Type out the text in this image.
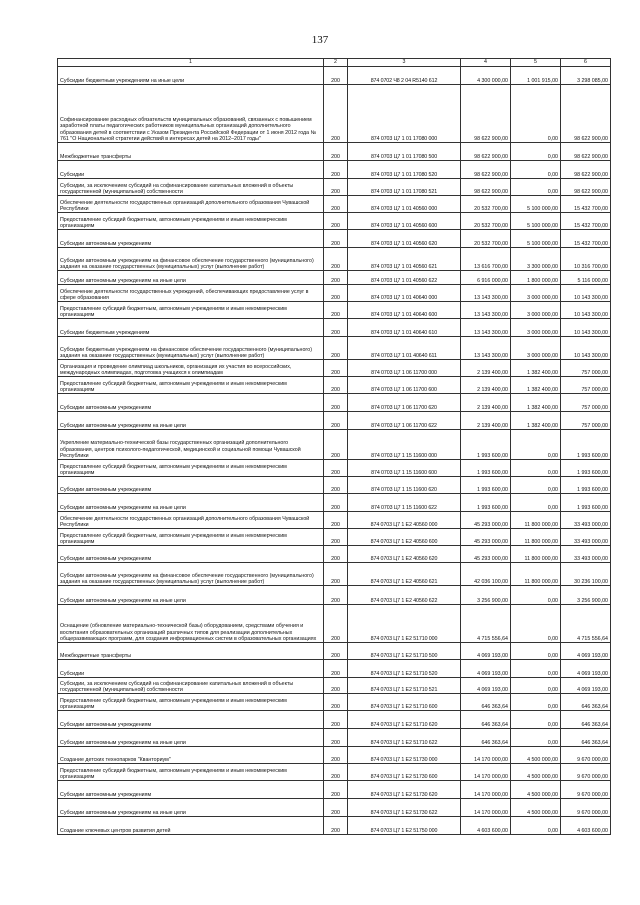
137
1	2	3	4	5	6
Субсидии бюджетным учреждениям на иные цели	200	874 0702 Ч8 2 04 R5140 612	4 300 000,00	1 001 915,00	3 298 085,00
Софинансирование расходных обязательств муниципальных образований, связанных с повышением заработной платы педагогических работников муниципальных организаций дополнительного образования детей в соответствии с Указом Президента Российской Федерации от 1 июня 2012 года № 761 "О Национальной стратегии действий в интересах детей на 2012–2017 годы"	200	874 0703 Ц7 1 01 17080 000	98 622 900,00	0,00	98 622 900,00
Межбюджетные трансферты	200	874 0703 Ц7 1 01 17080 500	98 622 900,00	0,00	98 622 900,00
Субсидии	200	874 0703 Ц7 1 01 17080 520	98 622 900,00	0,00	98 622 900,00
Субсидии, за исключением субсидий на софинансирование капитальных вложений в объекты государственной (муниципальной) собственности	200	874 0703 Ц7 1 01 17080 521	98 622 900,00	0,00	98 622 900,00
Обеспечение деятельности государственных организаций дополнительного образования Чувашской Республики	200	874 0703 Ц7 1 01 40560 000	20 532 700,00	5 100 000,00	15 432 700,00
Предоставление субсидий бюджетным, автономным учреждениям и иным некоммерческим организациям	200	874 0703 Ц7 1 01 40560 600	20 532 700,00	5 100 000,00	15 432 700,00
Субсидии автономным учреждениям	200	874 0703 Ц7 1 01 40560 620	20 532 700,00	5 100 000,00	15 432 700,00
Субсидии автономным учреждениям на финансовое обеспечение государственного (муниципального) задания на оказание государственных (муниципальных) услуг (выполнение работ)	200	874 0703 Ц7 1 01 40560 621	13 616 700,00	3 300 000,00	10 316 700,00
Субсидии автономным учреждениям на иные цели	200	874 0703 Ц7 1 01 40560 622	6 916 000,00	1 800 000,00	5 116 000,00
Обеспечение деятельности государственных учреждений, обеспечивающих предоставление услуг в сфере образования	200	874 0703 Ц7 1 01 40640 000	13 143 300,00	3 000 000,00	10 143 300,00
Предоставление субсидий бюджетным, автономным учреждениям и иным некоммерческим организациям	200	874 0703 Ц7 1 01 40640 600	13 143 300,00	3 000 000,00	10 143 300,00
Субсидии бюджетным учреждениям	200	874 0703 Ц7 1 01 40640 610	13 143 300,00	3 000 000,00	10 143 300,00
Субсидии бюджетным учреждениям на финансовое обеспечение государственного (муниципального) задания на оказание государственных (муниципальных) услуг (выполнение работ)	200	874 0703 Ц7 1 01 40640 611	13 143 300,00	3 000 000,00	10 143 300,00
Организация и проведение олимпиад школьников, организация их участия во всероссийских, международных олимпиадах, подготовка учащихся к олимпиадам	200	874 0703 Ц7 1 06 11700 000	2 139 400,00	1 382 400,00	757 000,00
Предоставление субсидий бюджетным, автономным учреждениям и иным некоммерческим организациям	200	874 0703 Ц7 1 06 11700 600	2 139 400,00	1 382 400,00	757 000,00
Субсидии автономным учреждениям	200	874 0703 Ц7 1 06 11700 620	2 139 400,00	1 382 400,00	757 000,00
Субсидии автономным учреждениям на иные цели	200	874 0703 Ц7 1 06 11700 622	2 139 400,00	1 382 400,00	757 000,00
Укрепление материально-технической базы государственных организаций дополнительного образования, центров психолого-педагогической, медицинской и социальной помощи Чувашской Республики	200	874 0703 Ц7 1 15 11600 000	1 993 600,00	0,00	1 993 600,00
Предоставление субсидий бюджетным, автономным учреждениям и иным некоммерческим организациям	200	874 0703 Ц7 1 15 11600 600	1 993 600,00	0,00	1 993 600,00
Субсидии автономным учреждениям	200	874 0703 Ц7 1 15 11600 620	1 993 600,00	0,00	1 993 600,00
Субсидии автономным учреждениям на иные цели	200	874 0703 Ц7 1 15 11600 622	1 993 600,00	0,00	1 993 600,00
Обеспечение деятельности государственных организаций дополнительного образования Чувашской Республики	200	874 0703 Ц7 1 E2 40560 000	45 293 000,00	11 800 000,00	33 493 000,00
Предоставление субсидий бюджетным, автономным учреждениям и иным некоммерческим организациям	200	874 0703 Ц7 1 E2 40560 600	45 293 000,00	11 800 000,00	33 493 000,00
Субсидии автономным учреждениям	200	874 0703 Ц7 1 E2 40560 620	45 293 000,00	11 800 000,00	33 493 000,00
Субсидии автономным учреждениям на финансовое обеспечение государственного (муниципального) задания на оказание государственных (муниципальных) услуг (выполнение работ)	200	874 0703 Ц7 1 E2 40560 621	42 036 100,00	11 800 000,00	30 236 100,00
Субсидии автономным учреждениям на иные цели	200	874 0703 Ц7 1 E2 40560 622	3 256 900,00	0,00	3 256 900,00
Оснащение (обновление материально-технической базы) оборудованием, средствами обучения и воспитания образовательных организаций различных типов для реализации дополнительных общеразвивающих программ, для создания информационных систем в образовательных организациях	200	874 0703 Ц7 1 E2 51710 000	4 715 556,64	0,00	4 715 556,64
Межбюджетные трансферты	200	874 0703 Ц7 1 E2 51710 500	4 069 193,00	0,00	4 069 193,00
Субсидии	200	874 0703 Ц7 1 E2 51710 520	4 069 193,00	0,00	4 069 193,00
Субсидии, за исключением субсидий на софинансирование капитальных вложений в объекты государственной (муниципальной) собственности	200	874 0703 Ц7 1 E2 51710 521	4 069 193,00	0,00	4 069 193,00
Предоставление субсидий бюджетным, автономным учреждениям и иным некоммерческим организациям	200	874 0703 Ц7 1 E2 51710 600	646 363,64	0,00	646 363,64
Субсидии автономным учреждениям	200	874 0703 Ц7 1 E2 51710 620	646 363,64	0,00	646 363,64
Субсидии автономным учреждениям на иные цели	200	874 0703 Ц7 1 E2 51710 622	646 363,64	0,00	646 363,64
Создание детских технопарков "Кванториум"	200	874 0703 Ц7 1 E2 51730 000	14 170 000,00	4 500 000,00	9 670 000,00
Предоставление субсидий бюджетным, автономным учреждениям и иным некоммерческим организациям	200	874 0703 Ц7 1 E2 51730 600	14 170 000,00	4 500 000,00	9 670 000,00
Субсидии автономным учреждениям	200	874 0703 Ц7 1 E2 51730 620	14 170 000,00	4 500 000,00	9 670 000,00
Субсидии автономным учреждениям на иные цели	200	874 0703 Ц7 1 E2 51730 622	14 170 000,00	4 500 000,00	9 670 000,00
Создание ключевых центров развития детей	200	874 0703 Ц7 1 E2 51750 000	4 603 600,00	0,00	4 603 600,00
